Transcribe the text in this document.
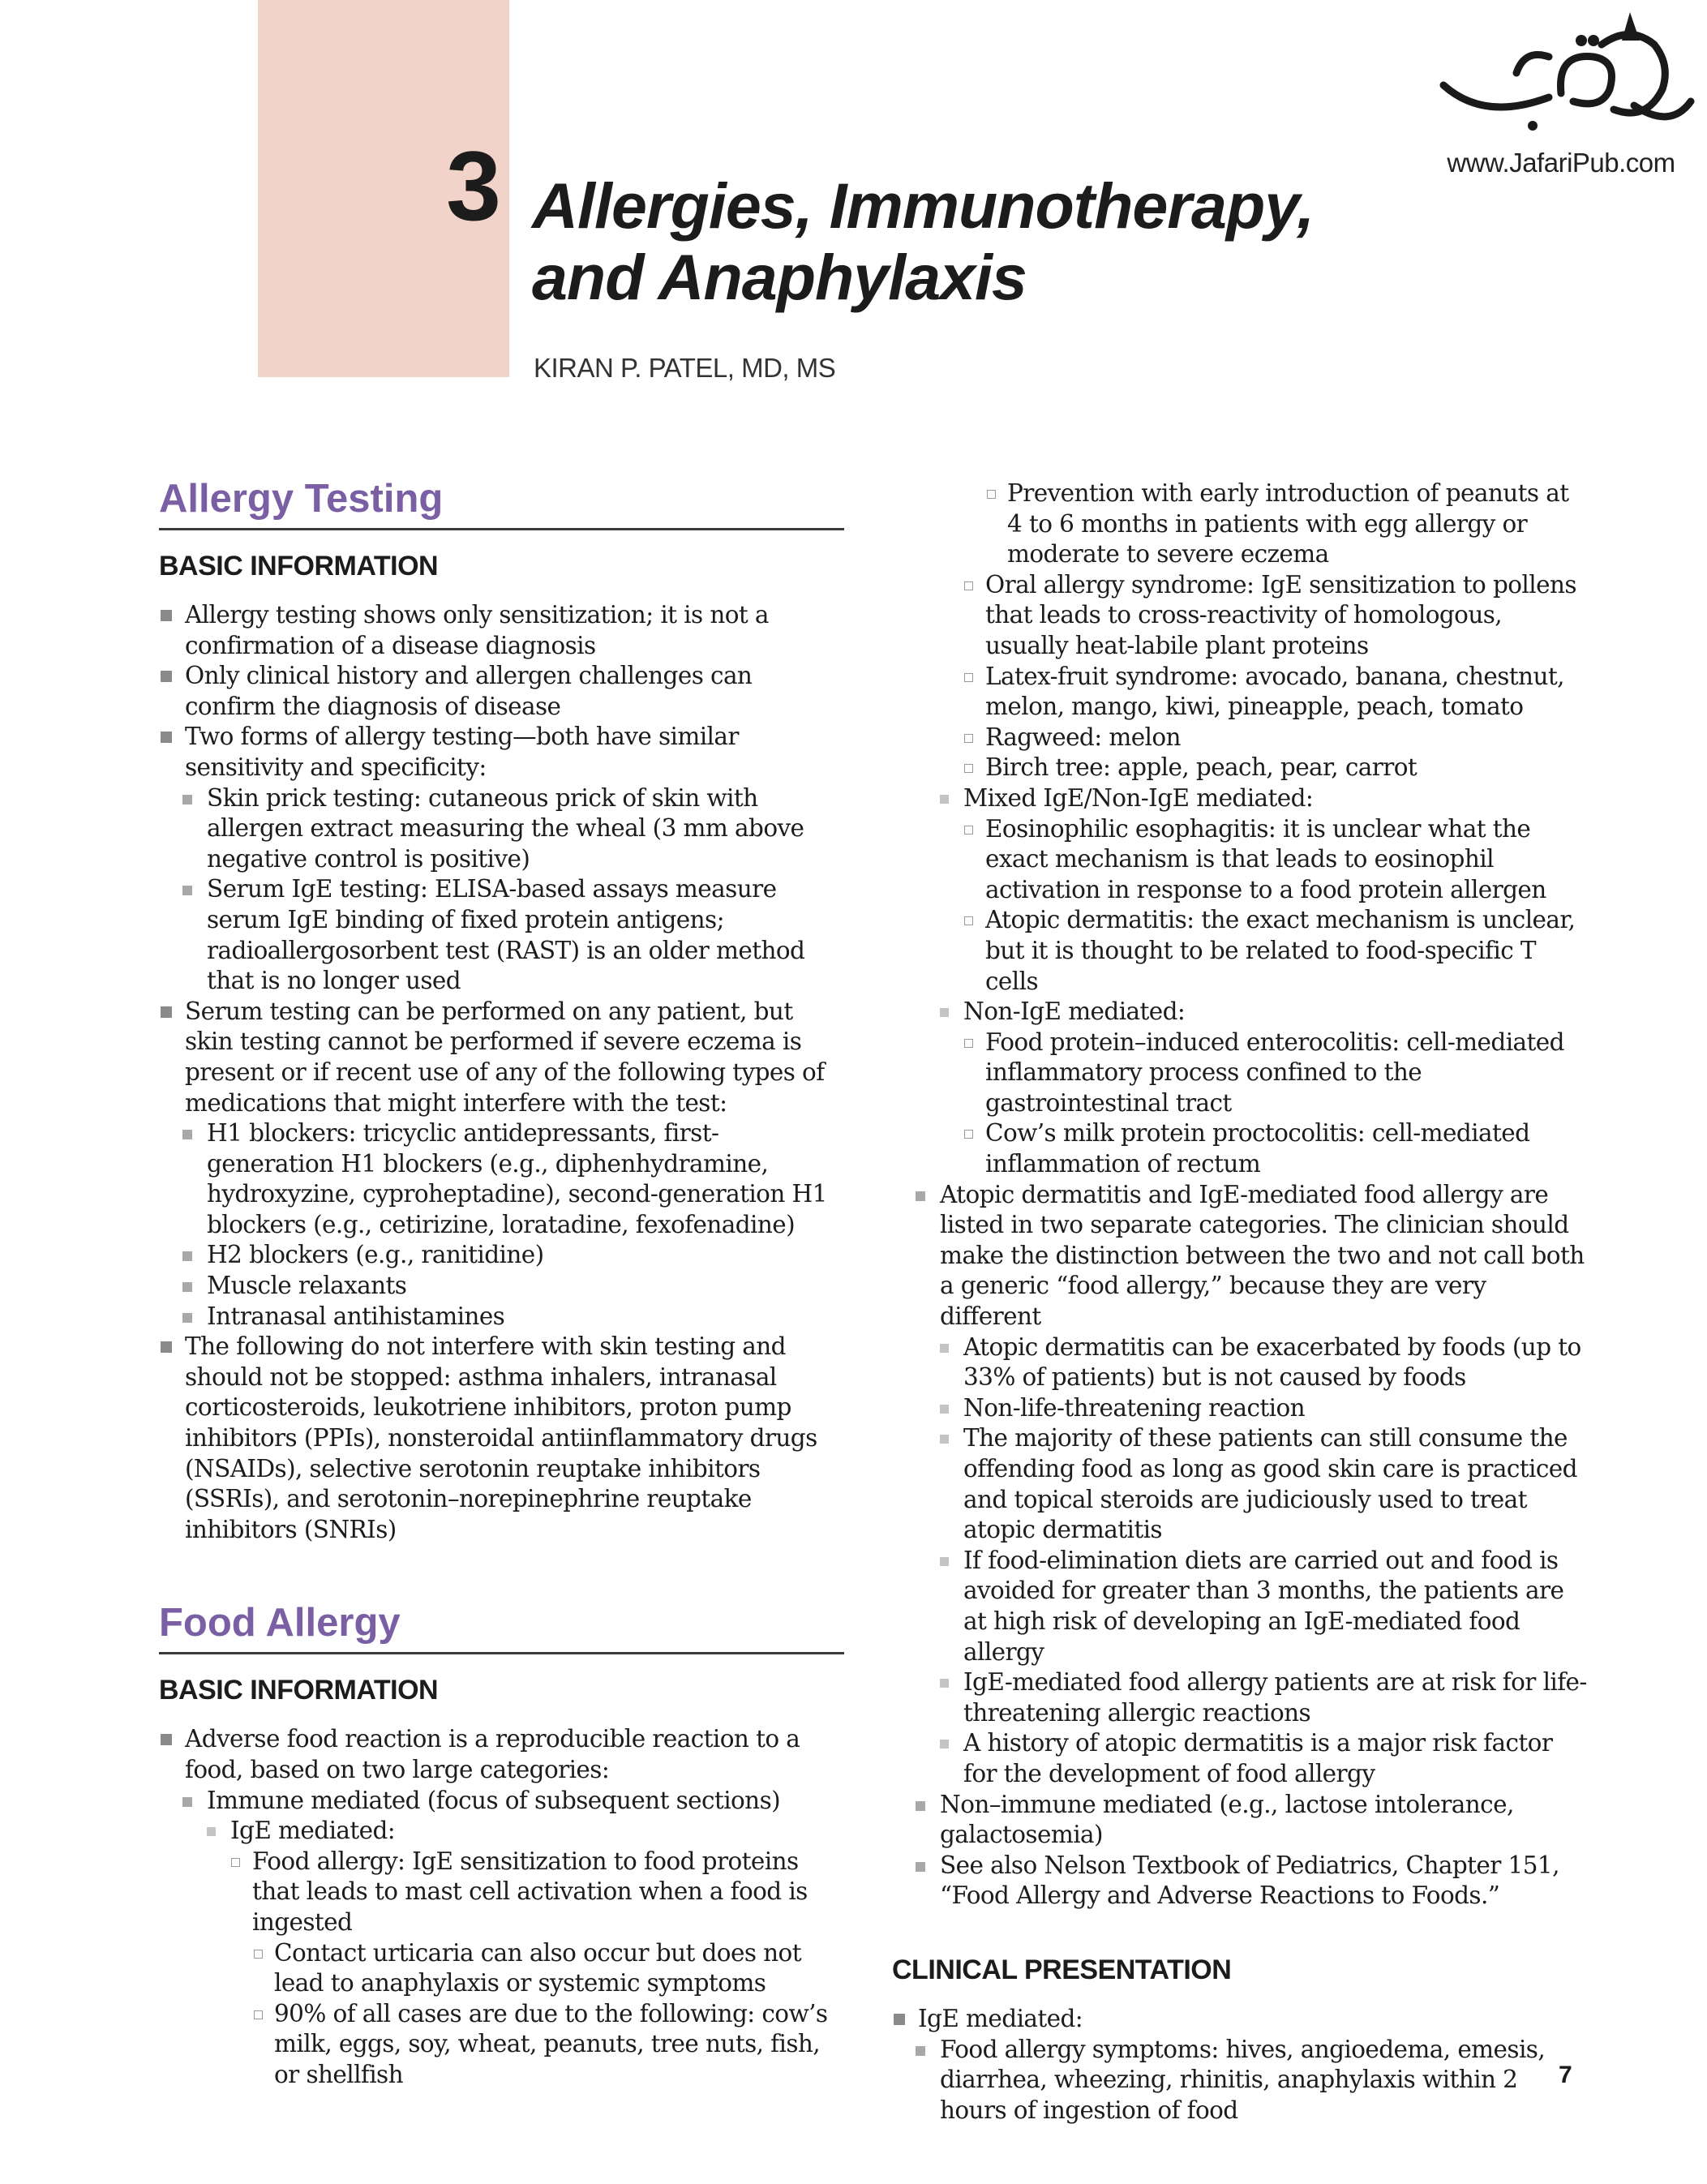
3 Allergies, Immunotherapy,
and Anaphylaxis
KIRAN P. PATEL, MD, MS
www.JafariPub.com
Allergy Testing
BASIC INFORMATION
Allergy testing shows only sensitization; it is not a confirmation of a disease diagnosis
Only clinical history and allergen challenges can confirm the diagnosis of disease
Two forms of allergy testing—both have similar sensitivity and specificity:
Skin prick testing: cutaneous prick of skin with allergen extract measuring the wheal (3 mm above negative control is positive)
Serum IgE testing: ELISA-based assays measure serum IgE binding of fixed protein antigens; radioallergosorbent test (RAST) is an older method that is no longer used
Serum testing can be performed on any patient, but skin testing cannot be performed if severe eczema is present or if recent use of any of the following types of medications that might interfere with the test:
H1 blockers: tricyclic antidepressants, first-generation H1 blockers (e.g., diphenhydramine, hydroxyzine, cyproheptadine), second-generation H1 blockers (e.g., cetirizine, loratadine, fexofenadine)
H2 blockers (e.g., ranitidine)
Muscle relaxants
Intranasal antihistamines
The following do not interfere with skin testing and should not be stopped: asthma inhalers, intranasal corticosteroids, leukotriene inhibitors, proton pump inhibitors (PPIs), nonsteroidal antiinflammatory drugs (NSAIDs), selective serotonin reuptake inhibitors (SSRIs), and serotonin–norepinephrine reuptake inhibitors (SNRIs)
Food Allergy
BASIC INFORMATION
Adverse food reaction is a reproducible reaction to a food, based on two large categories:
Immune mediated (focus of subsequent sections)
IgE mediated:
Food allergy: IgE sensitization to food proteins that leads to mast cell activation when a food is ingested
Contact urticaria can also occur but does not lead to anaphylaxis or systemic symptoms
90% of all cases are due to the following: cow’s milk, eggs, soy, wheat, peanuts, tree nuts, fish, or shellfish
Prevention with early introduction of peanuts at 4 to 6 months in patients with egg allergy or moderate to severe eczema
Oral allergy syndrome: IgE sensitization to pollens that leads to cross-reactivity of homologous, usually heat-labile plant proteins
Latex-fruit syndrome: avocado, banana, chestnut, melon, mango, kiwi, pineapple, peach, tomato
Ragweed: melon
Birch tree: apple, peach, pear, carrot
Mixed IgE/Non-IgE mediated:
Eosinophilic esophagitis: it is unclear what the exact mechanism is that leads to eosinophil activation in response to a food protein allergen
Atopic dermatitis: the exact mechanism is unclear, but it is thought to be related to food-specific T cells
Non-IgE mediated:
Food protein–induced enterocolitis: cell-mediated inflammatory process confined to the gastrointestinal tract
Cow’s milk protein proctocolitis: cell-mediated inflammation of rectum
Atopic dermatitis and IgE-mediated food allergy are listed in two separate categories. The clinician should make the distinction between the two and not call both a generic “food allergy,” because they are very different
Atopic dermatitis can be exacerbated by foods (up to 33% of patients) but is not caused by foods
Non-life-threatening reaction
The majority of these patients can still consume the offending food as long as good skin care is practiced and topical steroids are judiciously used to treat atopic dermatitis
If food-elimination diets are carried out and food is avoided for greater than 3 months, the patients are at high risk of developing an IgE-mediated food allergy
IgE-mediated food allergy patients are at risk for life-threatening allergic reactions
A history of atopic dermatitis is a major risk factor for the development of food allergy
Non–immune mediated (e.g., lactose intolerance, galactosemia)
See also Nelson Textbook of Pediatrics, Chapter 151, “Food Allergy and Adverse Reactions to Foods.”
CLINICAL PRESENTATION
IgE mediated:
Food allergy symptoms: hives, angioedema, emesis, diarrhea, wheezing, rhinitis, anaphylaxis within 2 hours of ingestion of food
7
